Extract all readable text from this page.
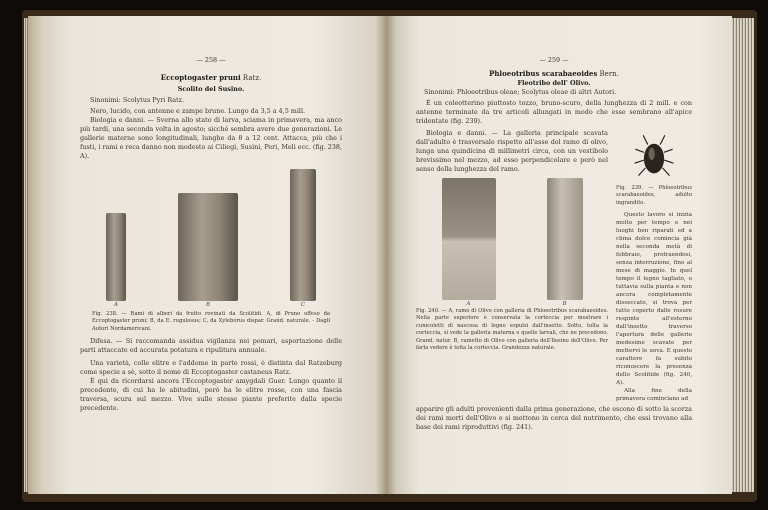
— 258 —
Eccoptogaster pruni Ratz.
Scolito del Susino.
Sinonimi: Scolytus Pyri Ratz.
Nero, lucido, con antenne e zampe brune. Lungo da 3,5 a 4,5 mill.
Biologia e danni. — Sverna allo stato di larva, sciama in primavera, ma anco più tardi, una seconda volta in agosto; sicché sembra avere due generazioni. Le gallerie materne sono longitudinali, lunghe da 8 a 12 cent. Attacca, più che i fusti, i rami e reca danno non modesto ai Ciliegi, Susini, Peri, Meli ecc. (fig. 238, A).
A	B	C
Fig. 238. — Rami di alberi da frutto rovinati da Scolitidi. A, di Pruno offeso da Eccoptogaster pruni; B, da E. rugulosus; C, da Xyleborus dispar. Grand. naturale. - Dagli Autori Nordamericani.
Difesa. — Si raccomanda assidua vigilanza nei pomari, asportazione delle parti attaccate ed accurata potatura e ripulitura annuale.
Una varietà, colle elitre e l'addome in parte rossi, è distinta dal Ratzeburg come specie a sè, sotto il nome di Eccoptogaster castaneus Ratz.
È qui da ricordarsi ancora l'Eccoptogaster amygdali Guer. Lungo quanto il precedente, di cui ha le abitudini, però ha le elitre rosse, con una fascia traversa, scura sul mezzo. Vive sulle stesse piante preferite dalla specie precedente.
— 259 —
Phloeotribus scarabaeoides Bern.
Fleotribo dell' Olivo.
Sinonimi: Phloeotribus oleae; Scolytus oleae di altri Autori.
È un coleotterino piuttosto tozzo, bruno-scuro, della lunghezza di 2 mill. e con antenne terminate da tre articoli allungati in modo che esse sembrano all'apice tridentate (fig. 239).
Biologia e danni. — La galleria principale scavata dall'adulto è trasversale rispetto all'asse del ramo di olivo, lunga una quindicina di millimetri circa, con un vestibolo brevissimo nel mezzo, ad esso perpendicolare e però nel senso della lunghezza del ramo.
A	B
Fig. 240. — A, ramo di Olivo con galleria di Phloeotribus scarabaeoides. Nella parte superiore è conservata la corteccia per mostrare i cunicoletti di nascosa di legno espulsi dall'insetto. Sotto, tolta la corteccia, si vede la galleria materna e quelle larvali, che ne procedono. Grand. natur. B, rametto di Olivo con galleria dell'Ilesino dell'Olivo. Per farla vedere è tolta la corteccia. Grandezza naturale.
Fig. 239. — Phloeotribus scarabaeoides, adulto ingrandito.
Questo lavoro si inizia molto per tempo e nei luoghi ben riparati ed a clima dolce comincia già nella seconda metà di febbraio, protraendosi, senza interruzione, fino al mese di maggio. In quel tempo il legno tagliato, o tuttavia sulla pianta e non ancora completamente disseccato, si trova per tutto coperto dalle rosure respinte all'esterno dall'insetto traverso l'apertura delle gallerie medesime scavate per mettervi le uova. E questo carattere fa subito riconoscere la presenza dello Scolitide (fig. 240, A).
Alla fine della primavera cominciano ad
apparire gli adulti provenienti dalla prima generazione, che escono di sotto la scorza dei rami morti dell'Olivo e si mettono in cerca del nutrimento, che essi trovano alla base dei rami riproduttivi (fig. 241).
